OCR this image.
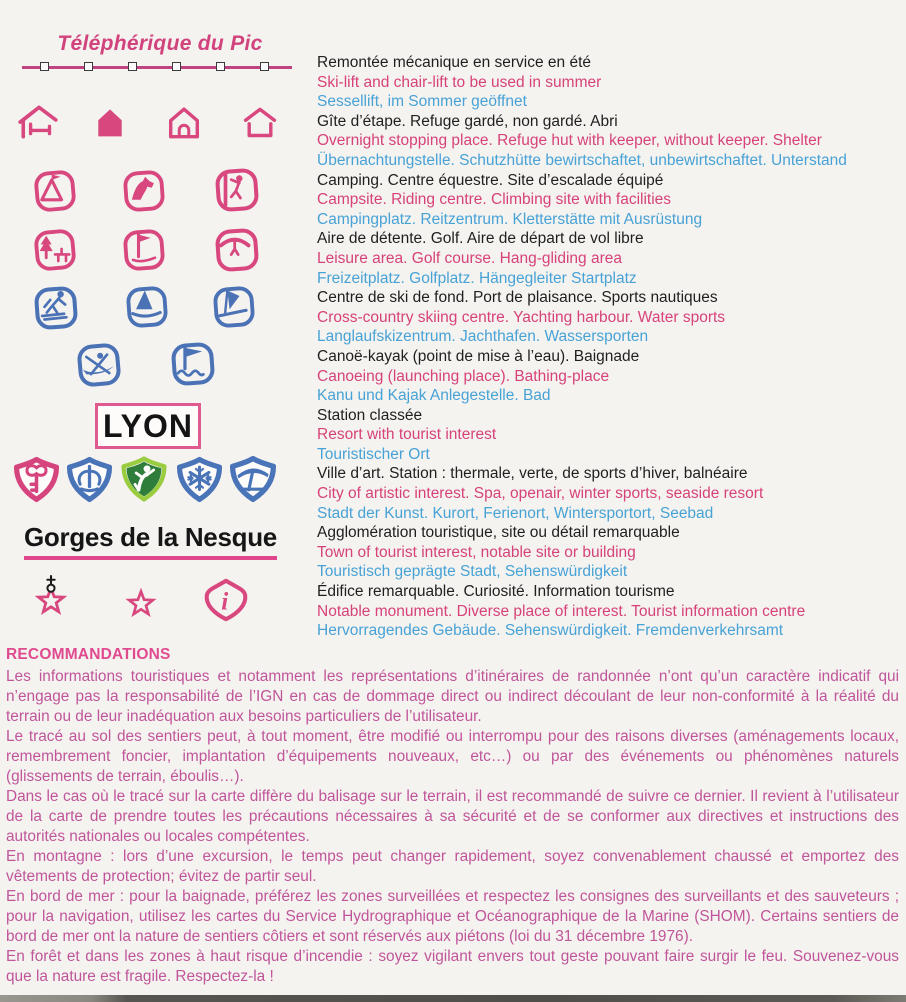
Téléphérique du Pic
LYON
Gorges de la Nesque
i
Remontée mécanique en service en été
Ski-lift and chair-lift to be used in summer
Sessellift, im Sommer geöffnet
Gîte d’étape. Refuge gardé, non gardé. Abri
Overnight stopping place. Refuge hut with keeper, without keeper. Shelter
Übernachtungstelle. Schutzhütte bewirtschaftet, unbewirtschaftet. Unterstand
Camping. Centre équestre. Site d’escalade équipé
Campsite. Riding centre. Climbing site with facilities
Campingplatz. Reitzentrum. Kletterstätte mit Ausrüstung
Aire de détente. Golf. Aire de départ de vol libre
Leisure area. Golf course. Hang-gliding area
Freizeitplatz. Golfplatz. Hängegleiter Startplatz
Centre de ski de fond. Port de plaisance. Sports nautiques
Cross-country skiing centre. Yachting harbour. Water sports
Langlaufskizentrum. Jachthafen. Wassersporten
Canoë-kayak (point de mise à l’eau). Baignade
Canoeing (launching place). Bathing-place
Kanu und Kajak Anlegestelle. Bad
Station classée
Resort with tourist interest
Touristischer Ort
Ville d’art. Station : thermale, verte, de sports d’hiver, balnéaire
City of artistic interest. Spa, openair, winter sports, seaside resort
Stadt der Kunst. Kurort, Ferienort, Wintersportort, Seebad
Agglomération touristique, site ou détail remarquable
Town of tourist interest, notable site or building
Touristisch geprägte Stadt, Sehenswürdigkeit
Édifice remarquable. Curiosité. Information tourisme
Notable monument. Diverse place of interest. Tourist information centre
Hervorragendes Gebäude. Sehenswürdigkeit. Fremdenverkehrsamt
RECOMMANDATIONS

Les informations touristiques et notamment les représentations d’itinéraires de randonnée n’ont qu’un caractère indicatif qui n’engage pas la responsabilité de l’IGN en cas de dommage direct ou indirect découlant de leur non-conformité à la réalité du terrain ou de leur inadéquation aux besoins particuliers de l’utilisateur.

Le tracé au sol des sentiers peut, à tout moment, être modifié ou interrompu pour des raisons diverses (aménagements locaux, remembrement foncier, implantation d’équipements nouveaux, etc…) ou par des événements ou phénomènes naturels (glissements de terrain, éboulis…).

Dans le cas où le tracé sur la carte diffère du balisage sur le terrain, il est recommandé de suivre ce dernier. Il revient à l’utilisateur de la carte de prendre toutes les précautions nécessaires à sa sécurité et de se conformer aux directives et instructions des autorités nationales ou locales compétentes.

En montagne : lors d’une excursion, le temps peut changer rapidement, soyez convenablement chaussé et emportez des vêtements de protection; évitez de partir seul.

En bord de mer : pour la baignade, préférez les zones surveillées et respectez les consignes des surveillants et des sauveteurs ; pour la navigation, utilisez les cartes du Service Hydrographique et Océanographique de la Marine (SHOM). Certains sentiers de bord de mer ont la nature de sentiers côtiers et sont réservés aux piétons (loi du 31 décembre 1976).

En forêt et dans les zones à haut risque d’incendie : soyez vigilant envers tout geste pouvant faire surgir le feu. Souvenez-vous que la nature est fragile. Respectez-la !
